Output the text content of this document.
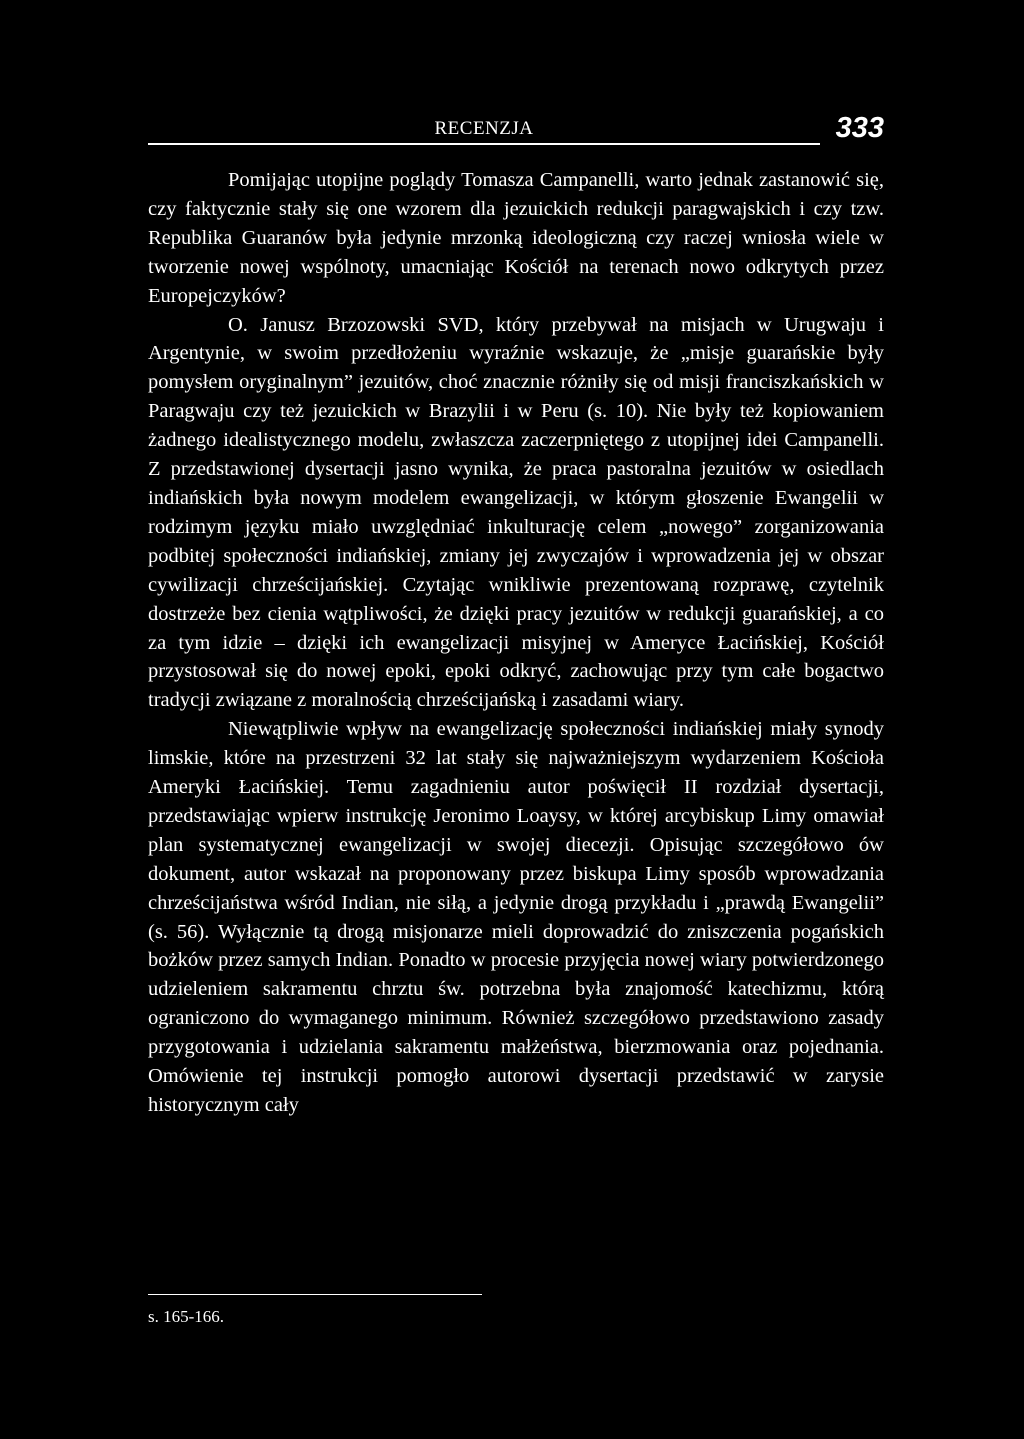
RECENZJA	333

Pomijając utopijne poglądy Tomasza Campanelli, warto jednak zastanowić się, czy faktycznie stały się one wzorem dla jezuickich redukcji paragwajskich i czy tzw. Republika Guaranów była jedynie mrzonką ideologiczną czy raczej wniosła wiele w tworzenie nowej wspólnoty, umacniając Kościół na terenach nowo odkrytych przez Europejczyków?

O. Janusz Brzozowski SVD, który przebywał na misjach w Urugwaju i Argentynie, w swoim przedłożeniu wyraźnie wskazuje, że „misje guarańskie były pomysłem oryginalnym” jezuitów, choć znacznie różniły się od misji franciszkańskich w Paragwaju czy też jezuickich w Brazylii i w Peru (s. 10). Nie były też kopiowaniem żadnego idealistycznego modelu, zwłaszcza zaczerpniętego z utopijnej idei Campanelli. Z przedstawionej dysertacji jasno wynika, że praca pastoralna jezuitów w osiedlach indiańskich była nowym modelem ewangelizacji, w którym głoszenie Ewangelii w rodzimym języku miało uwzględniać inkulturację celem „nowego” zorganizowania podbitej społeczności indiańskiej, zmiany jej zwyczajów i wprowadzenia jej w obszar cywilizacji chrześcijańskiej. Czytając wnikliwie prezentowaną rozprawę, czytelnik dostrzeże bez cienia wątpliwości, że dzięki pracy jezuitów w redukcji guarańskiej, a co za tym idzie – dzięki ich ewangelizacji misyjnej w Ameryce Łacińskiej, Kościół przystosował się do nowej epoki, epoki odkryć, zachowując przy tym całe bogactwo tradycji związane z moralnością chrześcijańską i zasadami wiary.

Niewątpliwie wpływ na ewangelizację społeczności indiańskiej miały synody limskie, które na przestrzeni 32 lat stały się najważniejszym wydarzeniem Kościoła Ameryki Łacińskiej. Temu zagadnieniu autor poświęcił II rozdział dysertacji, przedstawiając wpierw instrukcję Jeronimo Loaysy, w której arcybiskup Limy omawiał plan systematycznej ewangelizacji w swojej diecezji. Opisując szczegółowo ów dokument, autor wskazał na proponowany przez biskupa Limy sposób wprowadzania chrześcijaństwa wśród Indian, nie siłą, a jedynie drogą przykładu i „prawdą Ewangelii” (s. 56). Wyłącznie tą drogą misjonarze mieli doprowadzić do zniszczenia pogańskich bożków przez samych Indian. Ponadto w procesie przyjęcia nowej wiary potwierdzonego udzieleniem sakramentu chrztu św. potrzebna była znajomość katechizmu, którą ograniczono do wymaganego minimum. Również szczegółowo przedstawiono zasady przygotowania i udzielania sakramentu małżeństwa, bierzmowania oraz pojednania. Omówienie tej instrukcji pomogło autorowi dysertacji przedstawić w zarysie historycznym cały

s. 165-166.
